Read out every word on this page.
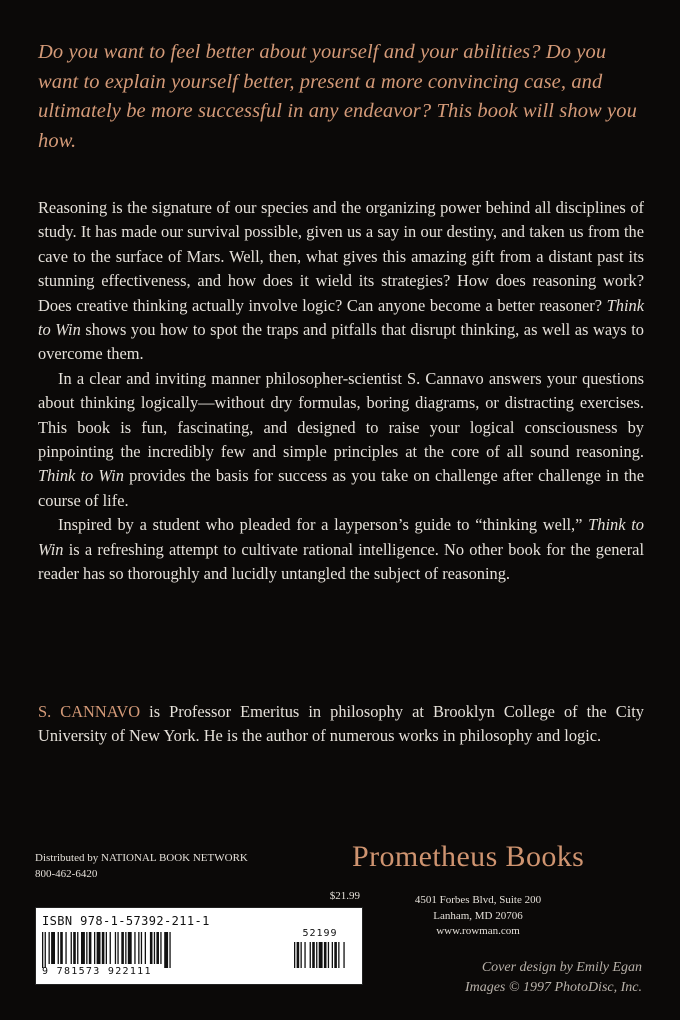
Do you want to feel better about yourself and your abilities? Do you want to explain yourself better, present a more convincing case, and ultimately be more successful in any endeavor? This book will show you how.

Reasoning is the signature of our species and the organizing power behind all disciplines of study. It has made our survival possible, given us a say in our destiny, and taken us from the cave to the surface of Mars. Well, then, what gives this amazing gift from a distant past its stunning effectiveness, and how does it wield its strategies? How does reasoning work? Does creative thinking actually involve logic? Can anyone become a better reasoner? Think to Win shows you how to spot the traps and pitfalls that disrupt thinking, as well as ways to overcome them.

In a clear and inviting manner philosopher-scientist S. Cannavo answers your questions about thinking logically—without dry formulas, boring diagrams, or distracting exercises. This book is fun, fascinating, and designed to raise your logical consciousness by pinpointing the incredibly few and simple principles at the core of all sound reasoning. Think to Win provides the basis for success as you take on challenge after challenge in the course of life.

Inspired by a student who pleaded for a layperson’s guide to “thinking well,” Think to Win is a refreshing attempt to cultivate rational intelligence. No other book for the general reader has so thoroughly and lucidly untangled the subject of reasoning.

S. CANNAVO is Professor Emeritus in philosophy at Brooklyn College of the City University of New York. He is the author of numerous works in philosophy and logic.
Distributed by NATIONAL BOOK NETWORK
800-462-6420
$21.99
ISBN 978-1-57392-211-1
9 781573 922111
52199
Prometheus Books
4501 Forbes Blvd, Suite 200
Lanham, MD 20706
www.rowman.com
Cover design by Emily Egan
Images © 1997 PhotoDisc, Inc.
